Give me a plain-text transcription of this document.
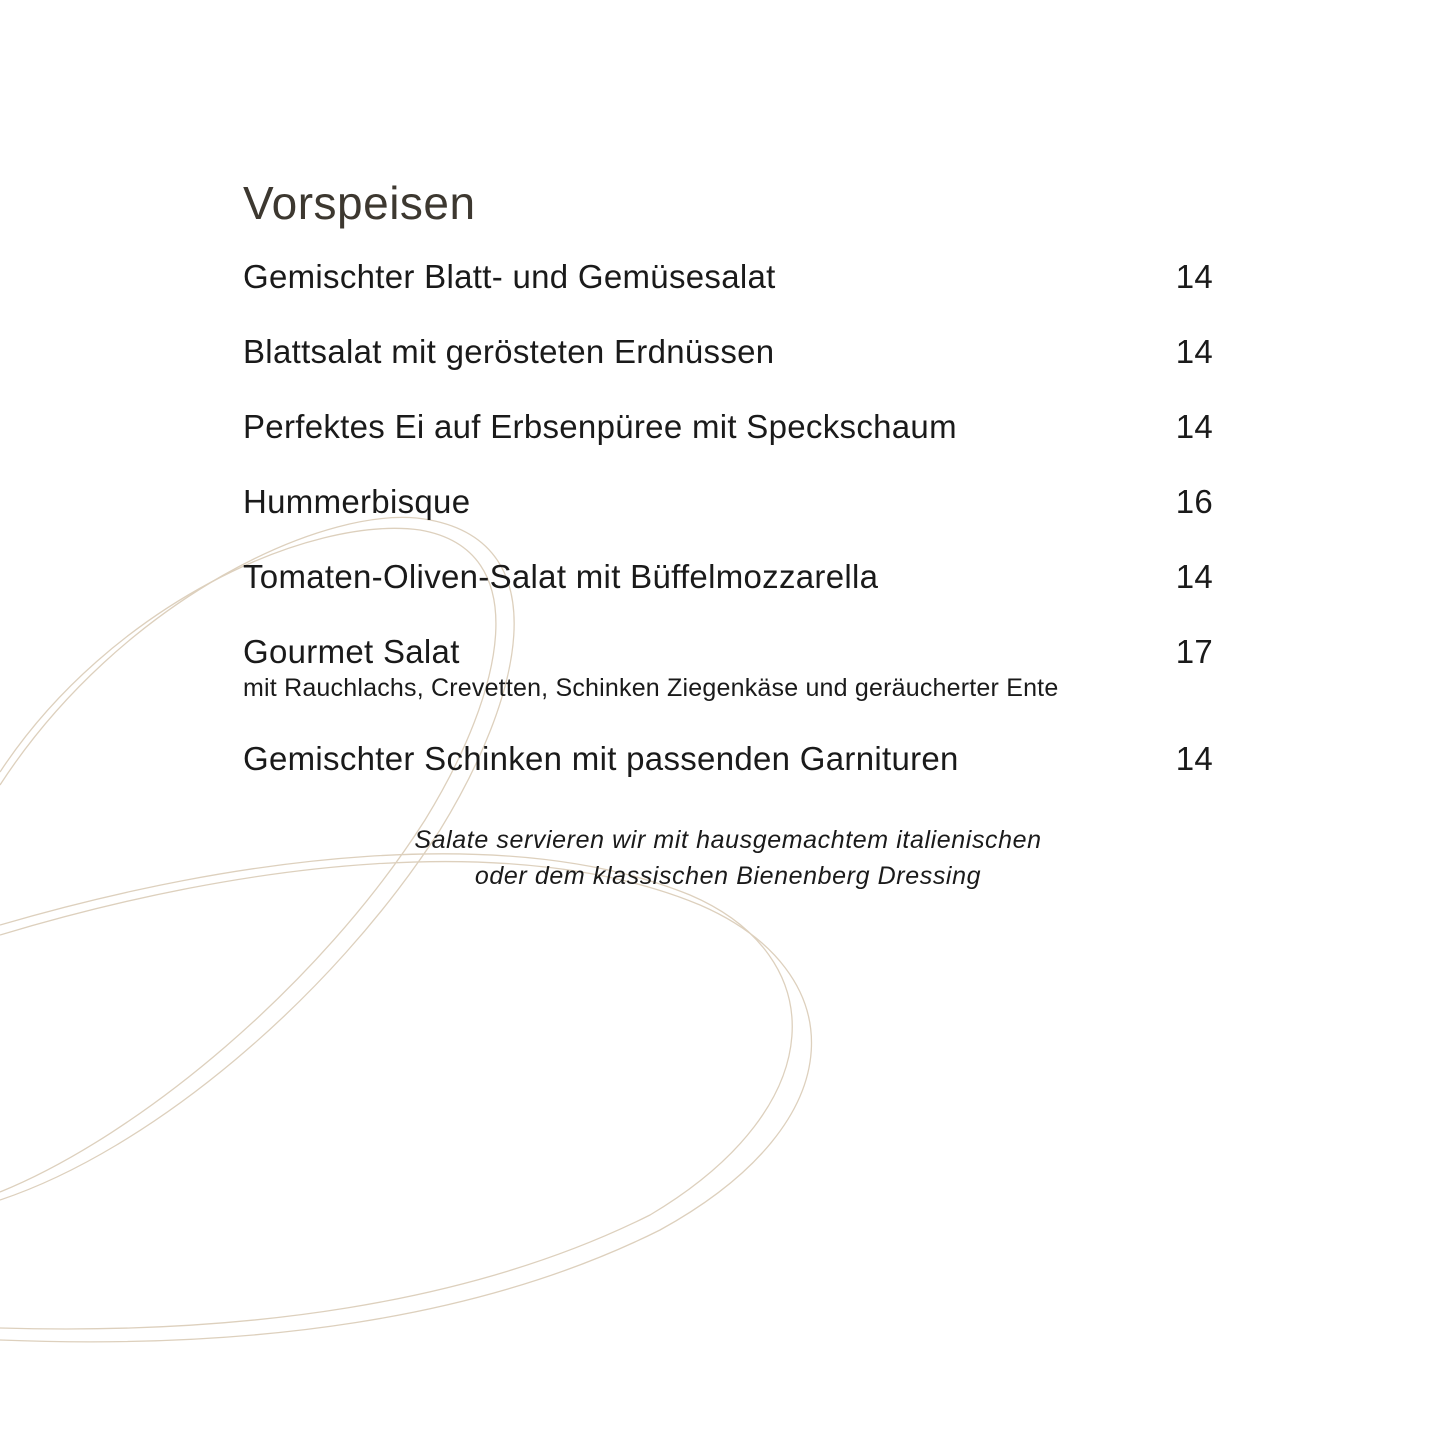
Vorspeisen
Gemischter Blatt- und Gemüsesalat	14
Blattsalat mit gerösteten Erdnüssen	14
Perfektes Ei auf Erbsenpüree mit Speckschaum	14
Hummerbisque	16
Tomaten-Oliven-Salat mit Büffelmozzarella	14
Gourmet Salat	17
mit Rauchlachs, Crevetten, Schinken Ziegenkäse und geräucherter Ente
Gemischter Schinken mit passenden Garnituren	14
Salate servieren wir mit hausgemachtem italienischen
oder dem klassischen Bienenberg Dressing
